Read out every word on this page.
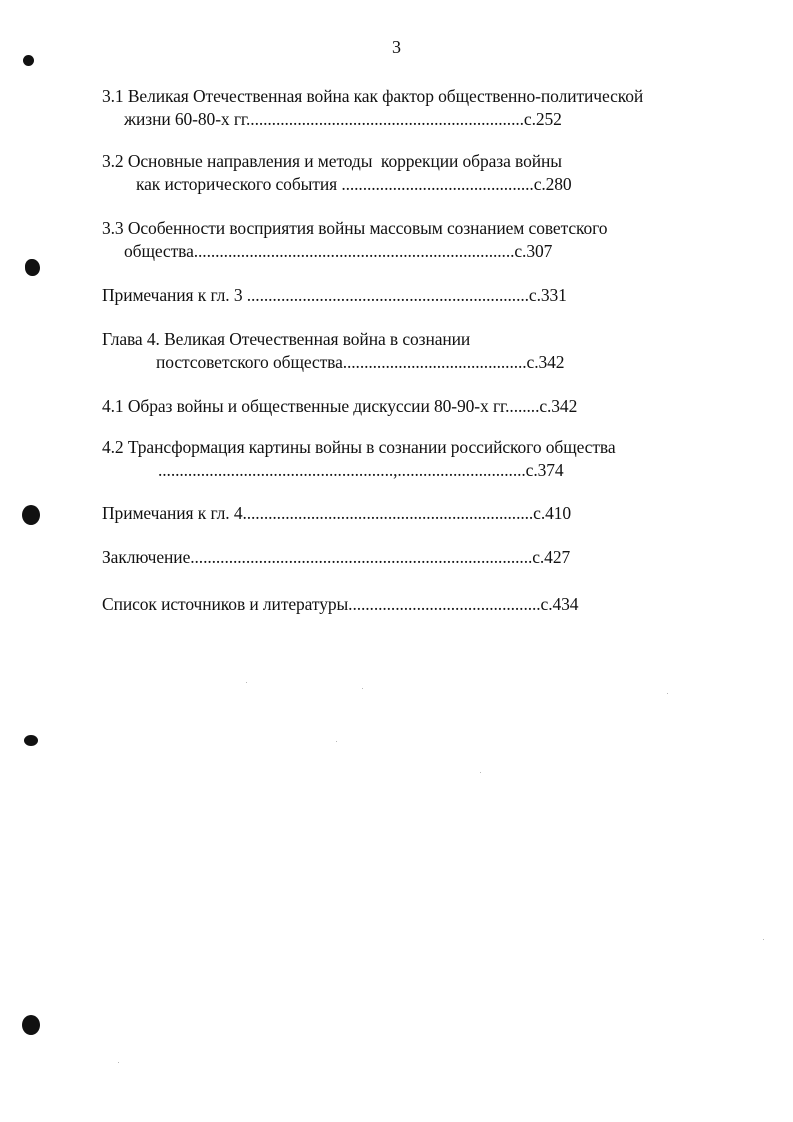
3
3.1 Великая Отечественная война как фактор общественно-политической
жизни 60-80-х гг.................................................................с.252
3.2 Основные направления и методы  коррекции образа войны
как исторического события .............................................с.280
3.3 Особенности восприятия войны массовым сознанием советского
общества...........................................................................с.307
Примечания к гл. 3 ..................................................................с.331
Глава 4. Великая Отечественная война в сознании
постсоветского общества...........................................с.342
4.1 Образ войны и общественные дискуссии 80-90-х гг........с.342
4.2 Трансформация картины войны в сознании российского общества
.......................................................,..............................с.374
Примечания к гл. 4....................................................................с.410
Заключение................................................................................с.427
Список источников и литературы.............................................с.434
